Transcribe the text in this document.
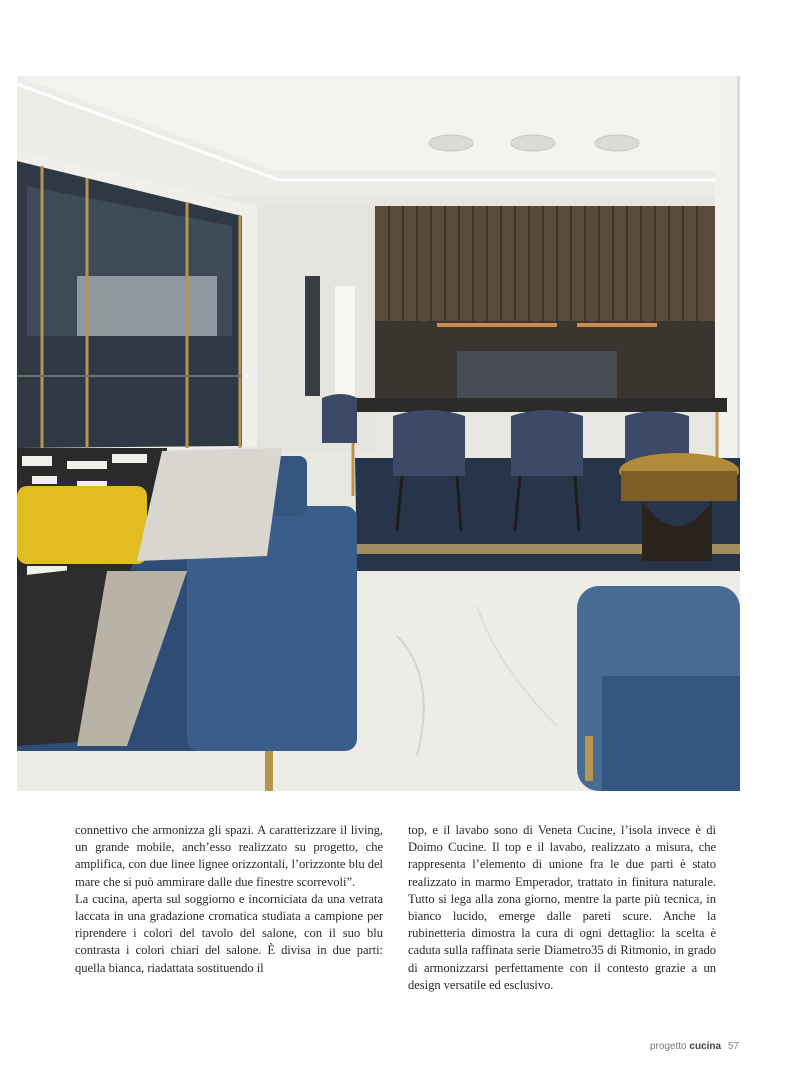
connettivo che armonizza gli spazi. A caratterizzare il living, un grande mobile, anch’esso realizzato su progetto, che amplifica, con due linee lignee orizzontali, l’orizzonte blu del mare che si può ammirare dalle due finestre scorrevoli”.

La cucina, aperta sul soggiorno e incorniciata da una vetrata laccata in una gradazione cromatica studiata a campione per riprendere i colori del tavolo del salone, con il suo blu contrasta i colori chiari del salone. È divisa in due parti: quella bianca, riadattata sostituendo il

top, e il lavabo sono di Veneta Cucine, l’isola invece è di Doimo Cucine. Il top e il lavabo, realizzato a misura, che rappresenta l’elemento di unione fra le due parti è stato realizzato in marmo Emperador, trattato in finitura naturale. Tutto si lega alla zona giorno, mentre la parte più tecnica, in bianco lucido, emerge dalle pareti scure. Anche la rubinetteria dimostra la cura di ogni dettaglio: la scelta è caduta sulla raffinata serie Diametro35 di Ritmonio, in grado di armonizzarsi perfettamente con il contesto grazie a un design versatile ed esclusivo.

progetto cucina 57
